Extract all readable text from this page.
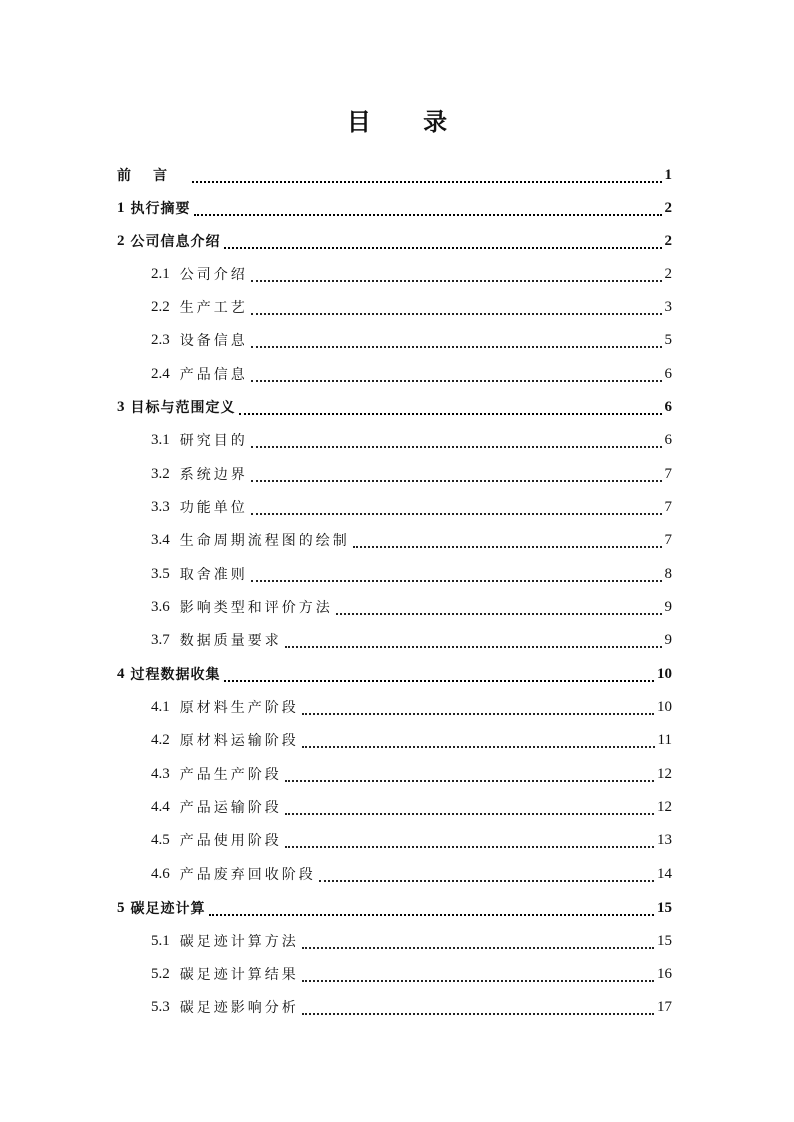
目 录
前言	1
1 执行摘要	2
2 公司信息介绍	2
2.1 公司介绍	2
2.2 生产工艺	3
2.3 设备信息	5
2.4 产品信息	6
3 目标与范围定义	6
3.1 研究目的	6
3.2 系统边界	7
3.3 功能单位	7
3.4 生命周期流程图的绘制	7
3.5 取舍准则	8
3.6 影响类型和评价方法	9
3.7 数据质量要求	9
4 过程数据收集	10
4.1 原材料生产阶段	10
4.2 原材料运输阶段	11
4.3 产品生产阶段	12
4.4 产品运输阶段	12
4.5 产品使用阶段	13
4.6 产品废弃回收阶段	14
5 碳足迹计算	15
5.1 碳足迹计算方法	15
5.2 碳足迹计算结果	16
5.3 碳足迹影响分析	17
